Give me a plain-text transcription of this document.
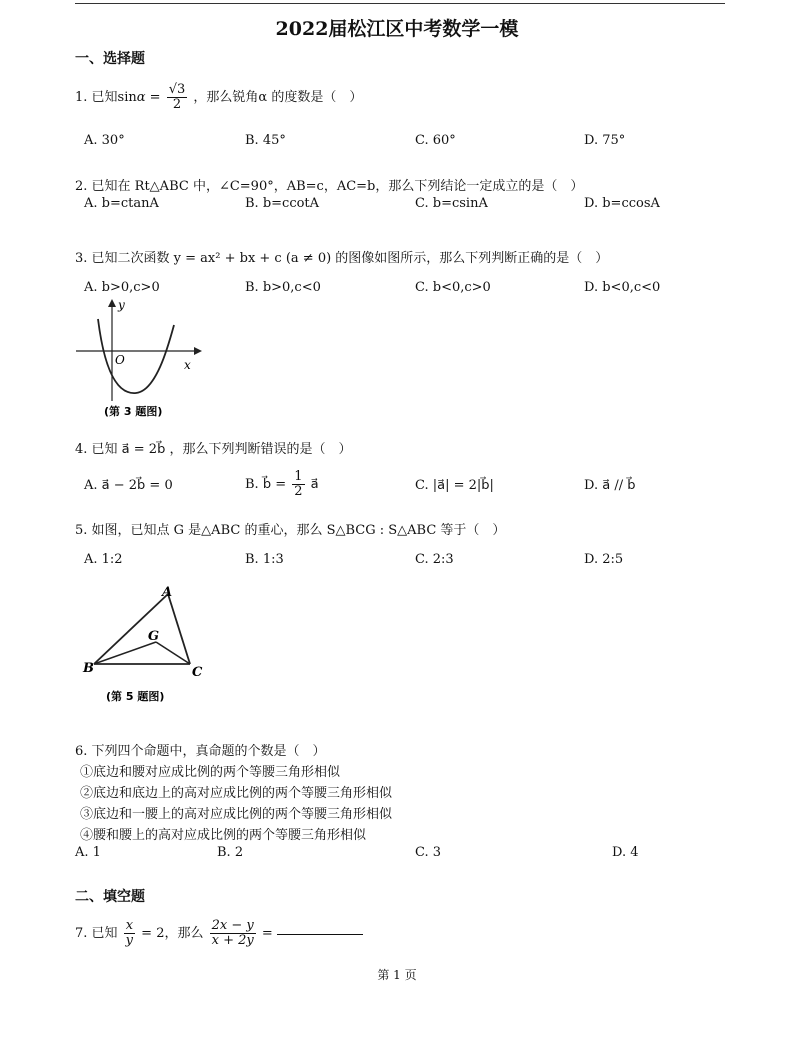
2022届松江区中考数学一模
一、选择题
1. 已知$\sin\alpha = \frac{√3}{2}$ ，那么锐角α 的度数是（　）
A. 30°	B. 45°	C. 60°	D. 75°
2. 已知在 Rt△ABC 中，∠C=90°，AB=c，AC=b，那么下列结论一定成立的是（　）
A. b=ctanA	B. b=ccotA	C. b=csinA	D. b=ccosA
3. 已知二次函数 y = ax² + bx + c (a ≠ 0) 的图像如图所示，那么下列判断正确的是（　）
A. b>0,c>0	B. b>0,c<0	C. b<0,c>0	D. b<0,c<0
y
x
O
(第 3 题图)
4. 已知 a⃗ = 2b⃗ ，那么下列判断错误的是（　）
A. a⃗ − 2b⃗ = 0	B. b⃗ = $\frac{1}{2}$ a⃗	C. |a⃗| = 2|b⃗|	D. a⃗ // b⃗
5. 如图，已知点 G 是△ABC 的重心，那么 S△BCG : S△ABC 等于（　）
A. 1:2	B. 1:3	C. 2:3	D. 2:5
A
B	C
G
(第 5 题图)
6. 下列四个命题中，真命题的个数是（　）
①底边和腰对应成比例的两个等腰三角形相似
②底边和底边上的高对应成比例的两个等腰三角形相似
③底边和一腰上的高对应成比例的两个等腰三角形相似
④腰和腰上的高对应成比例的两个等腰三角形相似
A. 1	B. 2	C. 3	D. 4
二、填空题
7. 已知 $\frac{x}{y} = 2$，那么 $\frac{2x - y}{x + 2y}$ =
第 1 页
